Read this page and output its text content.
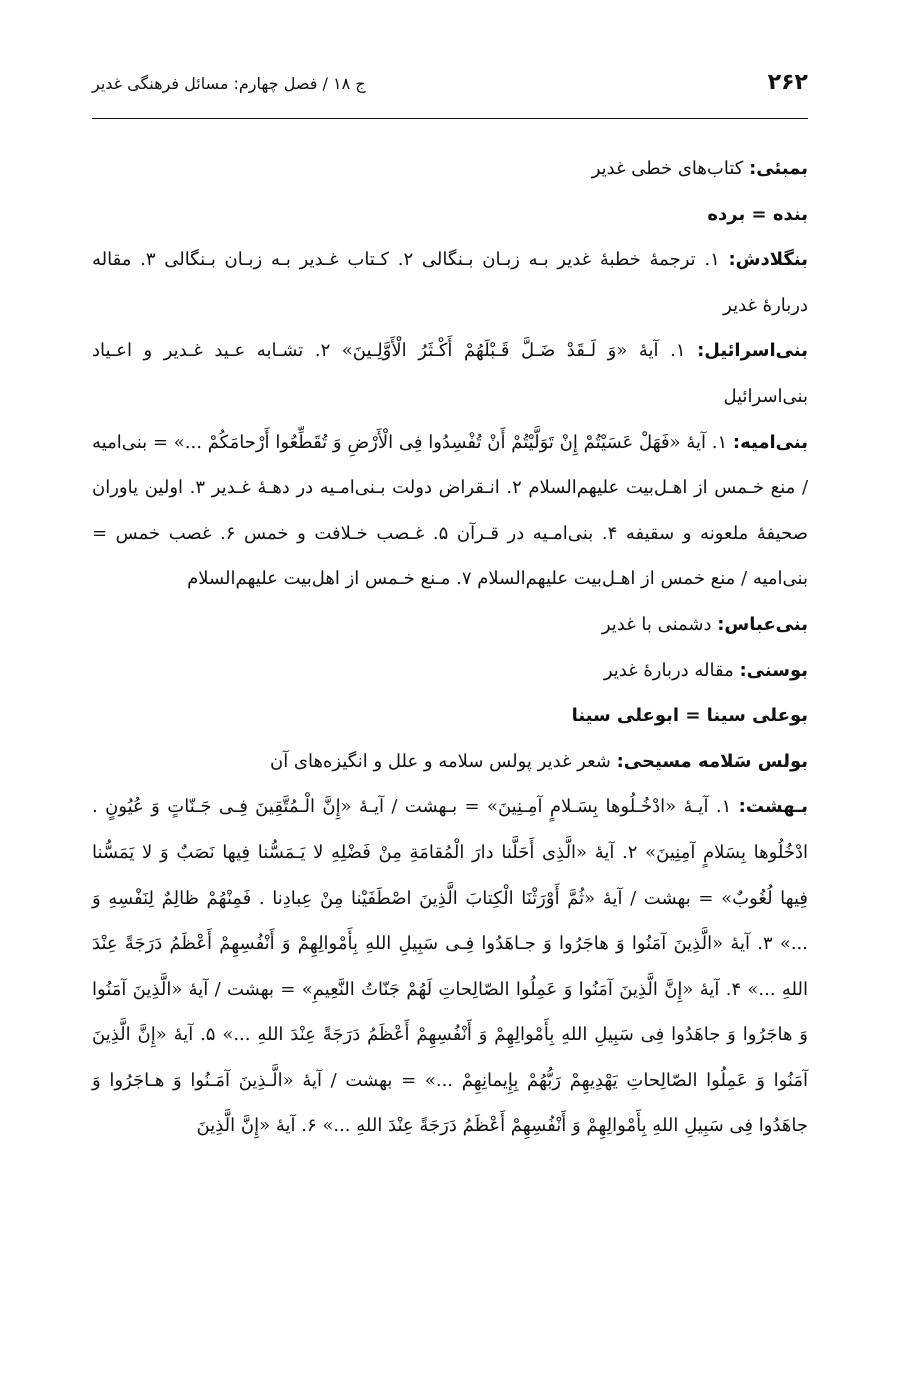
۲۶۲
ج ۱۸ / فصل چهارم: مسائل فرهنگی غدیر

بمبئی: کتاب‌های خطی غدیر

بنده = برده

بنگلادش: ۱. ترجمهٔ خطبهٔ غدیر بـه زبـان بـنگالی ۲. کـتاب غـدیر بـه زبـان بـنگالی ۳. مقاله دربارهٔ غدیر

بنی‌اسرائیل: ۱. آیهٔ «وَ لَـقَدْ ضَـلَّ قَـبْلَهُمْ أَكْـثَرُ الْأَوَّلِـينَ» ۲. تشـابه عـید غـدیر و اعـیاد بنی‌اسرائیل

بنی‌امیه: ۱. آیهٔ «فَهَلْ عَسَيْتُمْ إِنْ تَوَلَّيْتُمْ أَنْ تُفْسِدُوا فِى الْأَرْضِ وَ تُقَطِّعُوا أَرْحامَكُمْ ...» = بنی‌امیه / منع خـمس از اهـل‌بیت علیهم‌السلام ۲. انـقراض دولت بـنی‌امـیه در دهـهٔ غـدیر ۳. اولین یاوران صحیفهٔ ملعونه و سقیفه ۴. بنی‌امـیه در قـرآن ۵. غـصب خـلافت و خمس ۶. غصب خمس = بنی‌امیه / منع خمس از اهـل‌بیت علیهم‌السلام ۷. مـنع خـمس از اهل‌بیت علیهم‌السلام

بنی‌عباس: دشمنی با غدیر

بوسنی: مقاله دربارهٔ غدیر

بوعلی سینا = ابوعلی سینا

بولس سَلامه مسیحی: شعر غدیر پولس سلامه و علل و انگیزه‌های آن

بـهشت: ۱. آیـهٔ «ادْخُـلُوها بِسَـلامٍ آمِـنِينَ» = بـهشت / آیـهٔ «إِنَّ الْـمُتَّقِينَ فِـى جَـنّاتٍ وَ عُيُونٍ . ادْخُلُوها بِسَلامٍ آمِنِينَ» ۲. آیهٔ «الَّذِى أَحَلَّنا دارَ الْمُقامَةِ مِنْ فَضْلِهِ لا يَـمَسُّنا فِيها نَصَبٌ وَ لا يَمَسُّنا فِيها لُغُوبٌ» = بهشت / آیهٔ «ثُمَّ أَوْرَثْنَا الْكِتابَ الَّذِينَ اصْطَفَيْنا مِنْ عِبادِنا . فَمِنْهُمْ ظالِمٌ لِنَفْسِهِ وَ ...» ۳. آیهٔ «الَّذِينَ آمَنُوا وَ هاجَرُوا وَ جـاهَدُوا فِـى سَبِيلِ اللهِ بِأَمْوالِهِمْ وَ أَنْفُسِهِمْ أَعْظَمُ دَرَجَةً عِنْدَ اللهِ ...» ۴. آیهٔ «إِنَّ الَّذِينَ آمَنُوا وَ عَمِلُوا الصّالِحاتِ لَهُمْ جَنّاتُ النَّعِيمِ» = بهشت / آیهٔ «الَّذِينَ آمَنُوا وَ هاجَرُوا وَ جاهَدُوا فِى سَبِيلِ اللهِ بِأَمْوالِهِمْ وَ أَنْفُسِهِمْ أَعْظَمُ دَرَجَةً عِنْدَ اللهِ ...» ۵. آیهٔ «إِنَّ الَّذِينَ آمَنُوا وَ عَمِلُوا الصّالِحاتِ يَهْدِيهِمْ رَبُّهُمْ بِإِيمانِهِمْ ...» = بهشت / آیهٔ «الَّـذِينَ آمَـنُوا وَ هـاجَرُوا وَ جاهَدُوا فِى سَبِيلِ اللهِ بِأَمْوالِهِمْ وَ أَنْفُسِهِمْ أَعْظَمُ دَرَجَةً عِنْدَ اللهِ ...» ۶. آیهٔ «إِنَّ الَّذِينَ
